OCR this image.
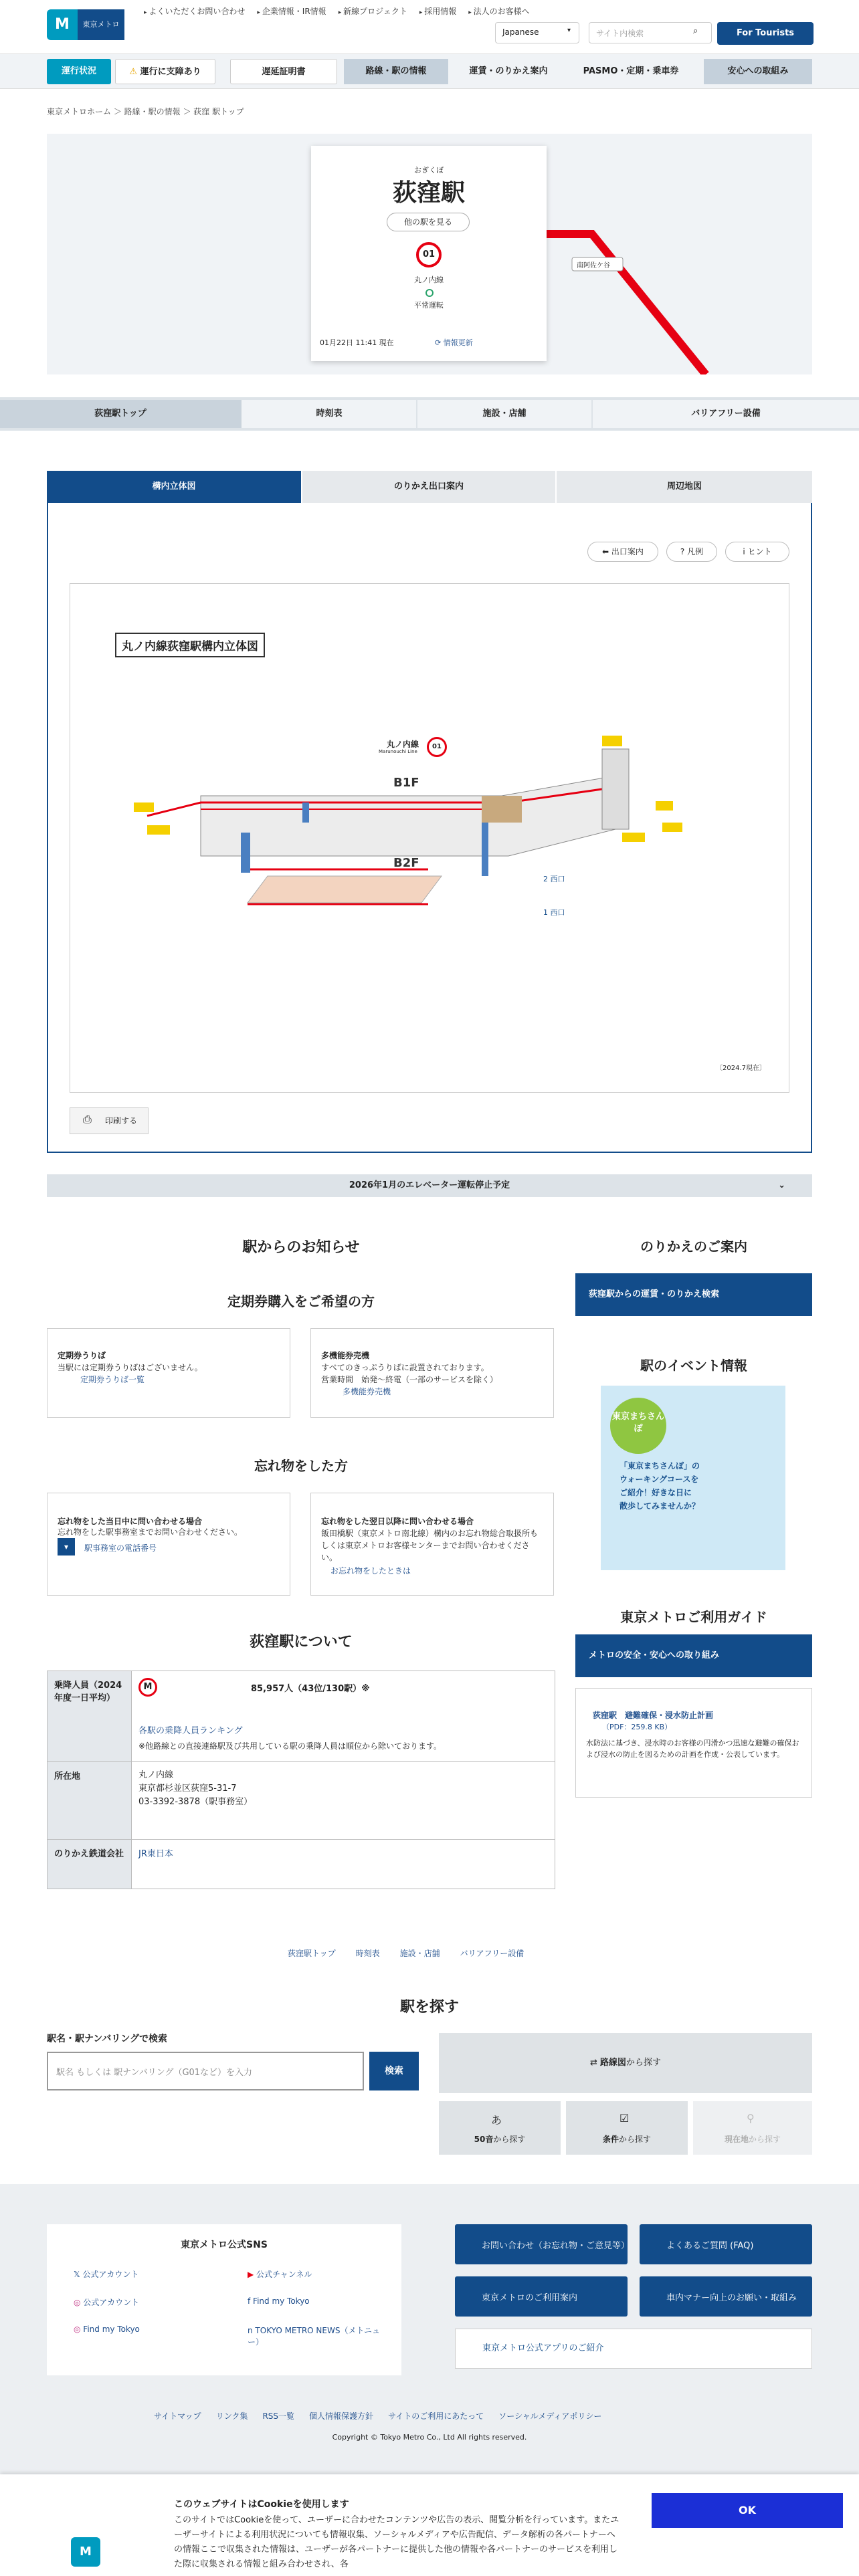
M	東京メトロ
▸ よくいただくお問い合わせ	▸ 企業情報・IR情報	▸ 新線プロジェクト	▸ 採用情報	▸ 法人のお客様へ
Japanese	▾	サイト内検索	⌕	For Tourists
運行状況	⚠ 運行に支障あり	遅延証明書	路線・駅の情報	運賃・のりかえ案内	PASMO・定期・乗車券	安心への取組み
東京メトロホーム ＞ 路線・駅の情報 ＞ 荻窪 駅トップ
南阿佐ケ谷
おぎくぼ
荻窪駅
他の駅を見る
01
丸ノ内線
平常運転
01月22日 11:41 現在	⟳ 情報更新
荻窪駅トップ	時刻表	施設・店舗	バリアフリー設備
構内立体図	のりかえ出口案内	周辺地図
⬅ 出口案内	? 凡例	i ヒント
丸ノ内線荻窪駅構内立体図
丸ノ内線
Marunouchi Line
01
B1F
B2F
2 西口
1 西口
〔2024.7現在〕
印刷する
⎙
2026年1月のエレベーター運転停止予定	⌄
駅からのお知らせ
定期券購入をご希望の方
定期券うりば
当駅には定期券うりばはございません。
定期券うりば一覧
多機能券売機
すべてのきっぷうりばに設置されております。
営業時間　始発〜終電（一部のサービスを除く）
多機能券売機
忘れ物をした方
忘れ物をした当日中に問い合わせる場合
忘れ物をした駅事務室までお問い合わせください。
▾	駅事務室の電話番号
忘れ物をした翌日以降に問い合わせる場合
飯田橋駅（東京メトロ南北線）構内のお忘れ物総合取扱所もしくは東京メトロお客様センターまでお問い合わせください。
お忘れ物をしたときは
荻窪駅について
乗降人員（2024年度一日平均）	M 85,957人（43位/130駅）※
各駅の乗降人員ランキング
※他路線との直接連絡駅及び共用している駅の乗降人員は順位から除いております。

所在地	丸ノ内線
東京都杉並区荻窪5-31-7
03-3392-3878（駅事務室）

のりかえ鉄道会社	JR東日本
のりかえのご案内
荻窪駅からの運賃・のりかえ検索
駅のイベント情報
東京まちさんぽ
「東京まちさんぽ」の
ウォーキングコースを
ご紹介！好きな日に
散歩してみませんか？
東京メトロご利用ガイド
メトロの安全・安心への取り組み
荻窪駅　避難確保・浸水防止計画
（PDF：259.8 KB）
水防法に基づき、浸水時のお客様の円滑かつ迅速な避難の確保および浸水の防止を図るための計画を作成・公表しています。
荻窪駅トップ	時刻表	施設・店舗	バリアフリー設備
駅を探す
駅名・駅ナンバリングで検索
駅名 もしくは 駅ナンバリング（G01など）を入力	検索
⇄ 路線図から探す
50音から探す	条件から探す	現在地から探す
あ	☑	⚲
東京メトロ公式SNS
𝕏 公式アカウント	▶ 公式チャンネル
◎ 公式アカウント	f Find my Tokyo
◎ Find my Tokyo	n TOKYO METRO NEWS（メトニュー）
お問い合わせ（お忘れ物・ご意見等）	よくあるご質問 (FAQ)
東京メトロのご利用案内	車内マナー向上のお願い・取組み
東京メトロ公式アプリのご紹介
サイトマップ リンク集 RSS一覧 個人情報保護方針 サイトのご利用にあたって ソーシャルメディアポリシー
Copyright © Tokyo Metro Co., Ltd All rights reserved.
M
このウェブサイトはCookieを使用します
このサイトではCookieを使って、ユーザーに合わせたコンテンツや広告の表示、閲覧分析を行っています。またユーザーサイトによる利用状況についても情報収集、ソーシャルメディアや広告配信、データ解析の各パートナーへの情報ここで収集された情報は、ユーザーが各パートナーに提供した他の情報や各パートナーのサービスを利用した際に収集される情報と組み合わせされ、各
OK
